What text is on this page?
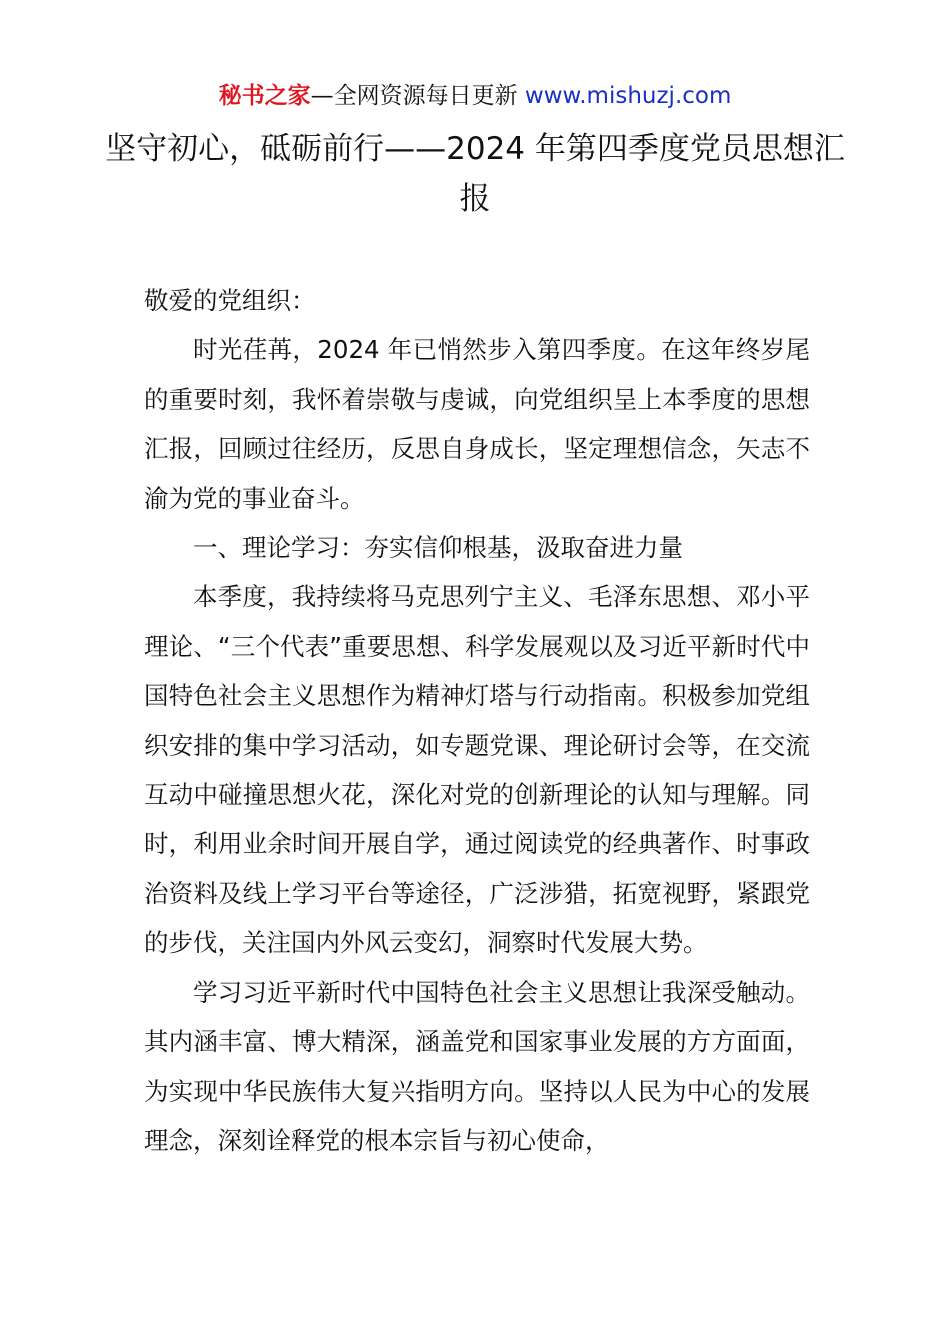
秘书之家—全网资源每日更新 www.mishuzj.com
坚守初心，砥砺前行——2024 年第四季度党员思想汇报

敬爱的党组织：

时光荏苒，2024 年已悄然步入第四季度。在这年终岁尾的重要时刻，我怀着崇敬与虔诚，向党组织呈上本季度的思想汇报，回顾过往经历，反思自身成长，坚定理想信念，矢志不渝为党的事业奋斗。

一、理论学习：夯实信仰根基，汲取奋进力量

本季度，我持续将马克思列宁主义、毛泽东思想、邓小平理论、“三个代表”重要思想、科学发展观以及习近平新时代中国特色社会主义思想作为精神灯塔与行动指南。积极参加党组织安排的集中学习活动，如专题党课、理论研讨会等，在交流互动中碰撞思想火花，深化对党的创新理论的认知与理解。同时，利用业余时间开展自学，通过阅读党的经典著作、时事政治资料及线上学习平台等途径，广泛涉猎，拓宽视野，紧跟党的步伐，关注国内外风云变幻，洞察时代发展大势。

学习习近平新时代中国特色社会主义思想让我深受触动。其内涵丰富、博大精深，涵盖党和国家事业发展的方方面面，为实现中华民族伟大复兴指明方向。坚持以人民为中心的发展理念，深刻诠释党的根本宗旨与初心使命，
